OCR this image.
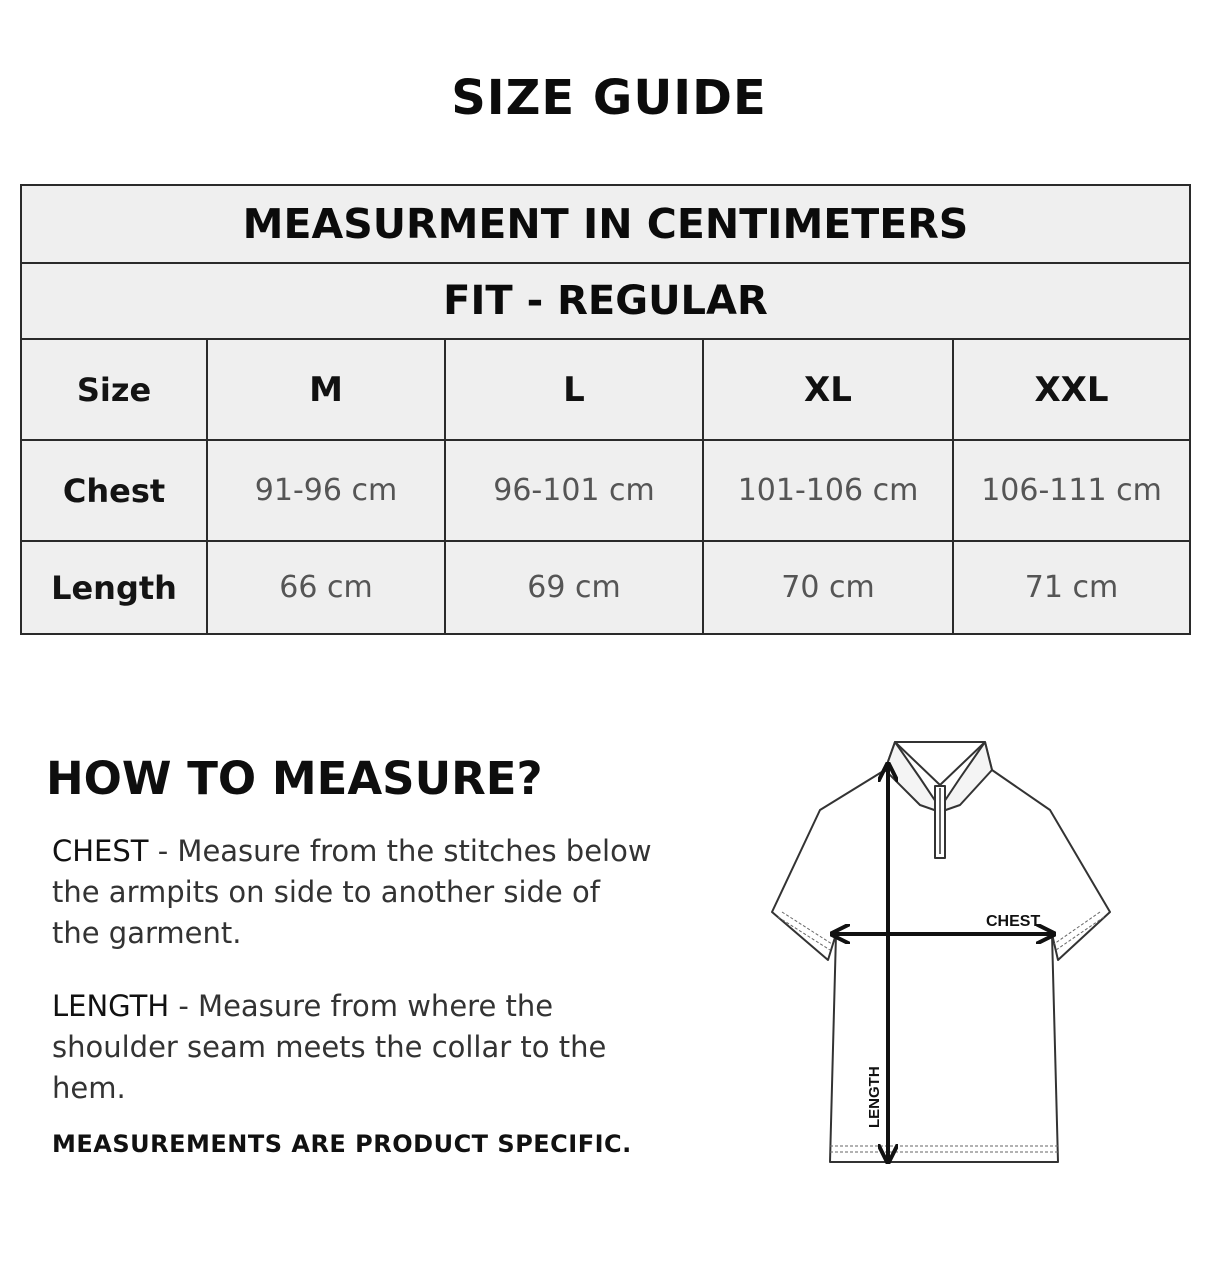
SIZE GUIDE
MEASURMENT IN CENTIMETERS				
FIT - REGULAR				
Size	M	L	XL	XXL
Chest	91-96 cm	96-101 cm	101-106 cm	106-111 cm
Length	66 cm	69 cm	70 cm	71 cm
HOW TO MEASURE?
CHEST - Measure from the stitches below the armpits on side to another side of the garment.
LENGTH - Measure from where the shoulder seam meets the collar to the hem.
MEASUREMENTS ARE PRODUCT SPECIFIC.
CHEST
LENGTH
